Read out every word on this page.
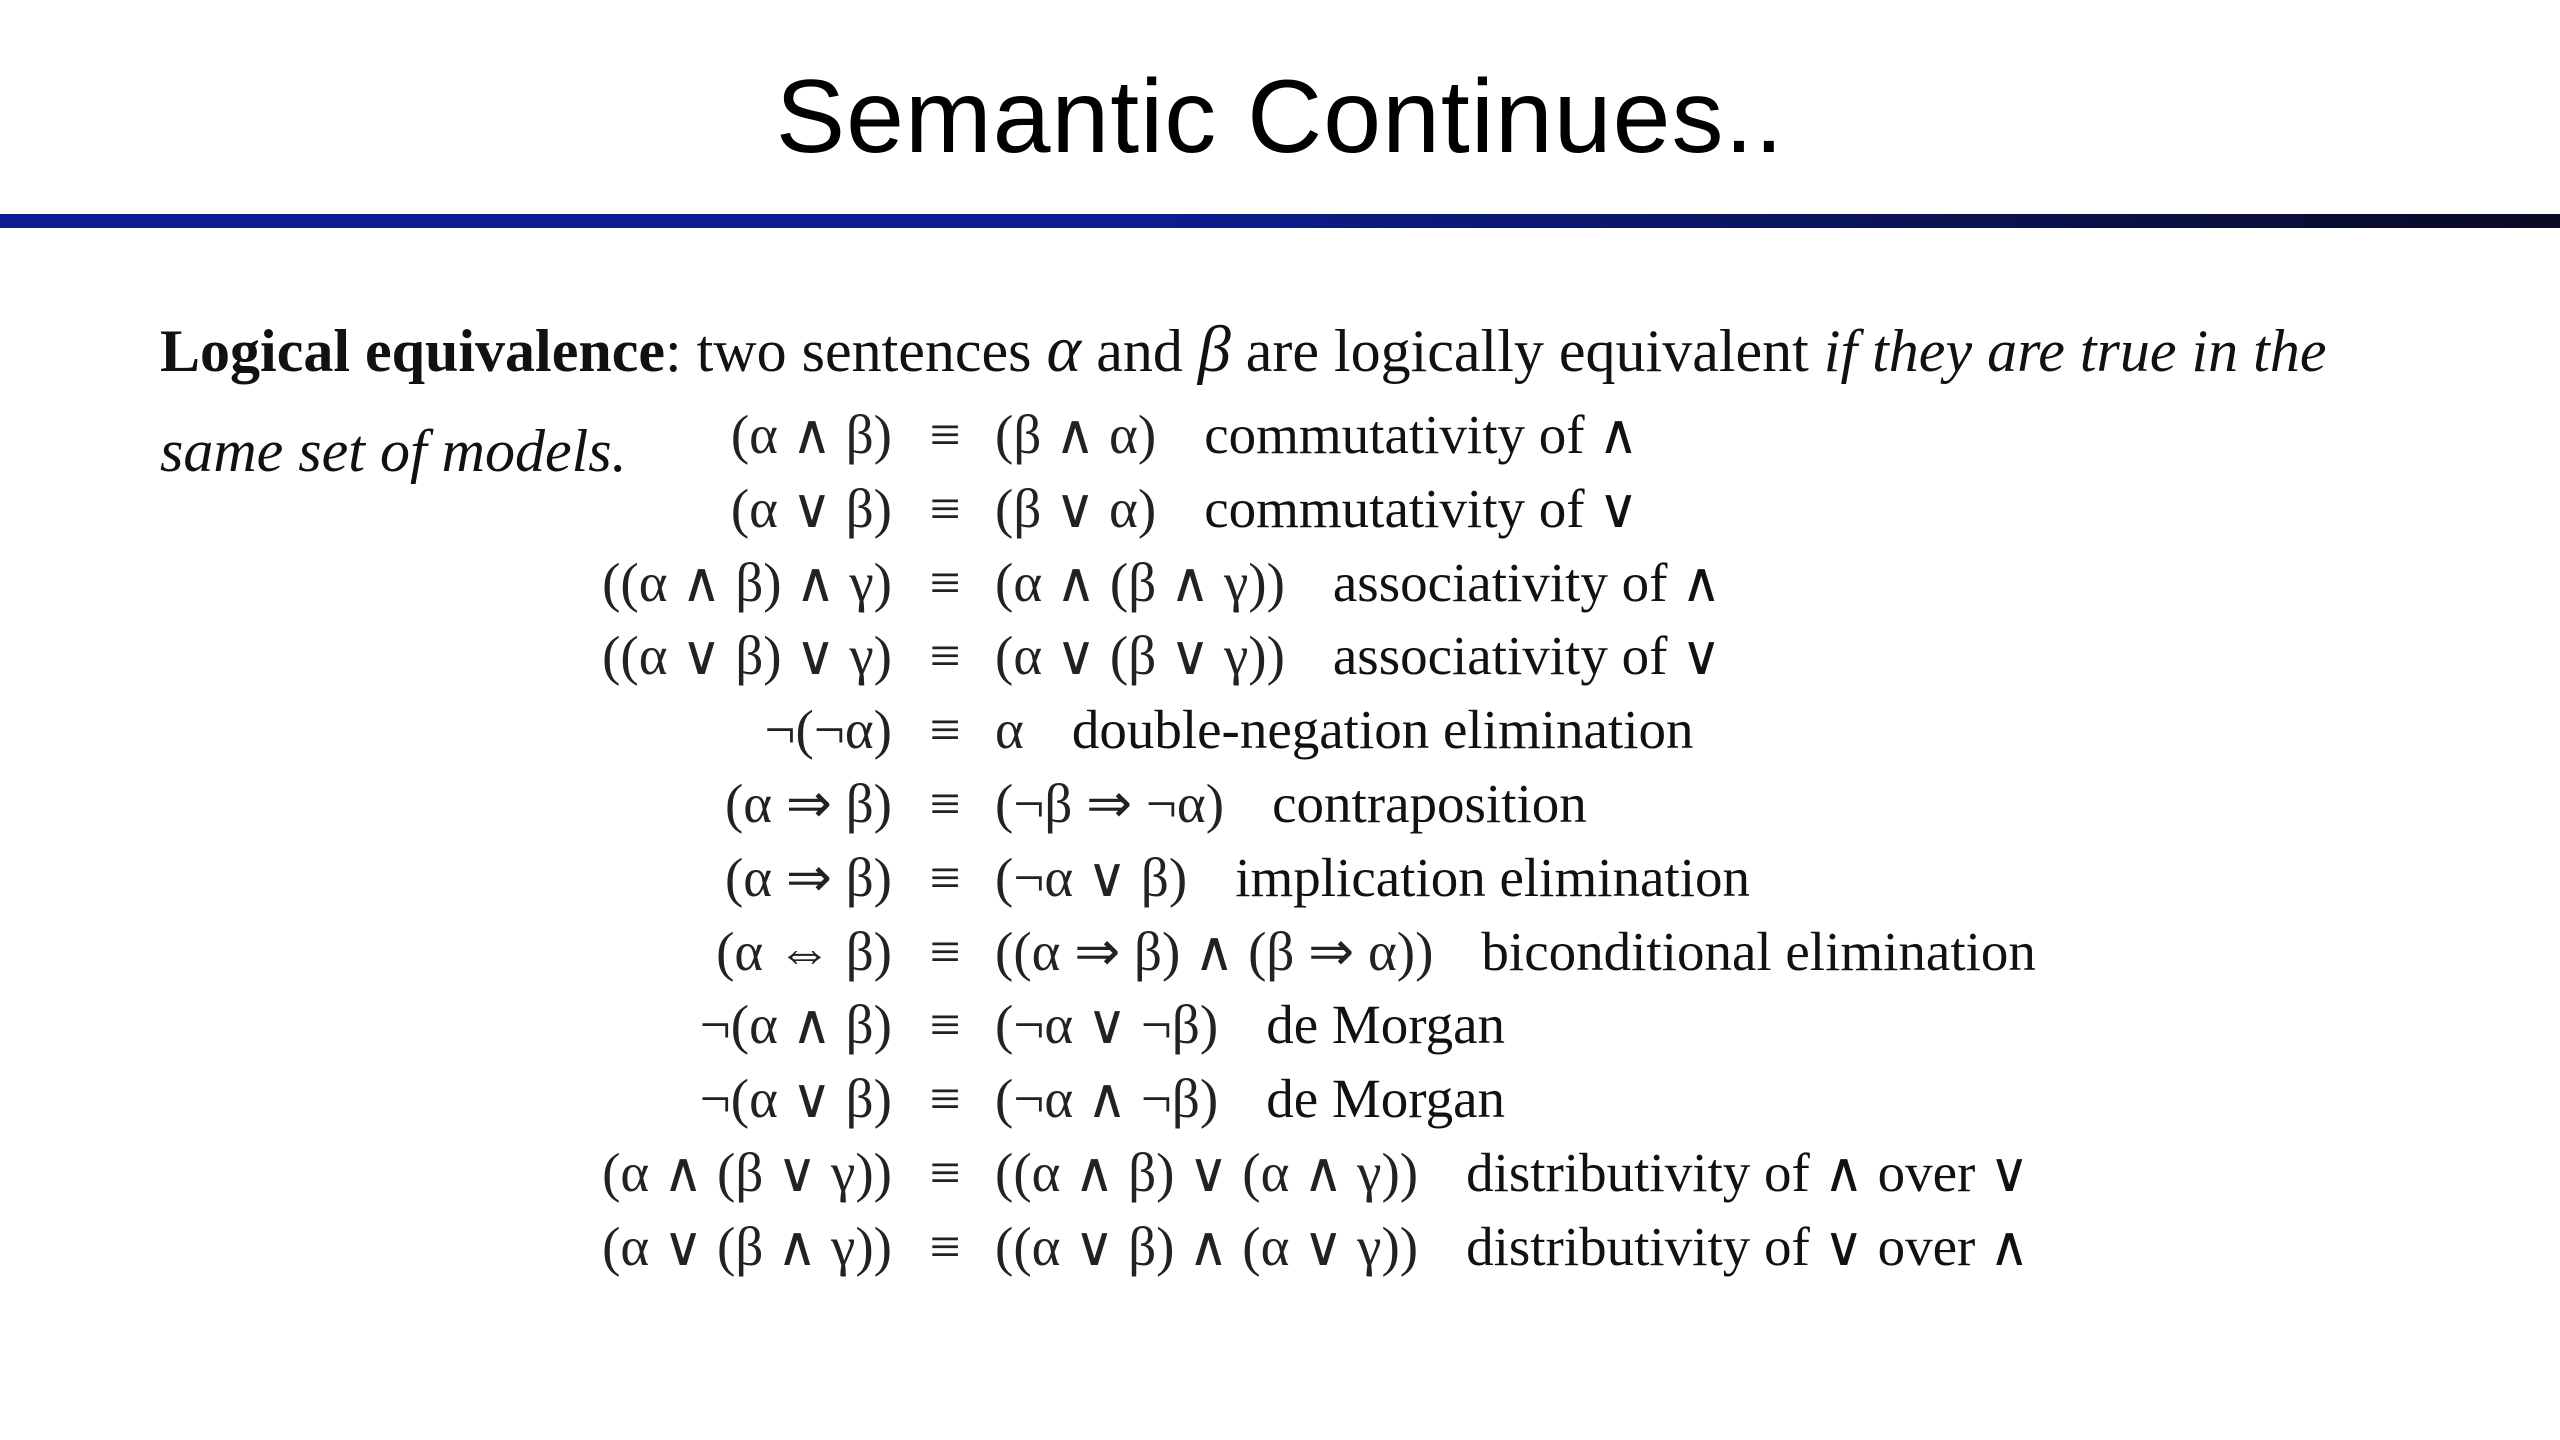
Semantic Continues..
Logical equivalence: two sentences α and β are logically equivalent if they are true in the same set of models.	(α ∧ β) ≡ (β ∧ α) commutativity of ∧
(α ∨ β) ≡ (β ∨ α) commutativity of ∨
((α ∧ β) ∧ γ) ≡ (α ∧ (β ∧ γ)) associativity of ∧
((α ∨ β) ∨ γ) ≡ (α ∨ (β ∨ γ)) associativity of ∨
¬(¬α) ≡ α double-negation elimination
(α ⇒ β) ≡ (¬β ⇒ ¬α) contraposition
(α ⇒ β) ≡ (¬α ∨ β) implication elimination
(α ⇔ β) ≡ ((α ⇒ β) ∧ (β ⇒ α)) biconditional elimination
¬(α ∧ β) ≡ (¬α ∨ ¬β) de Morgan
¬(α ∨ β) ≡ (¬α ∧ ¬β) de Morgan
(α ∧ (β ∨ γ)) ≡ ((α ∧ β) ∨ (α ∧ γ)) distributivity of ∧ over ∨
(α ∨ (β ∧ γ)) ≡ ((α ∨ β) ∧ (α ∨ γ)) distributivity of ∨ over ∧
